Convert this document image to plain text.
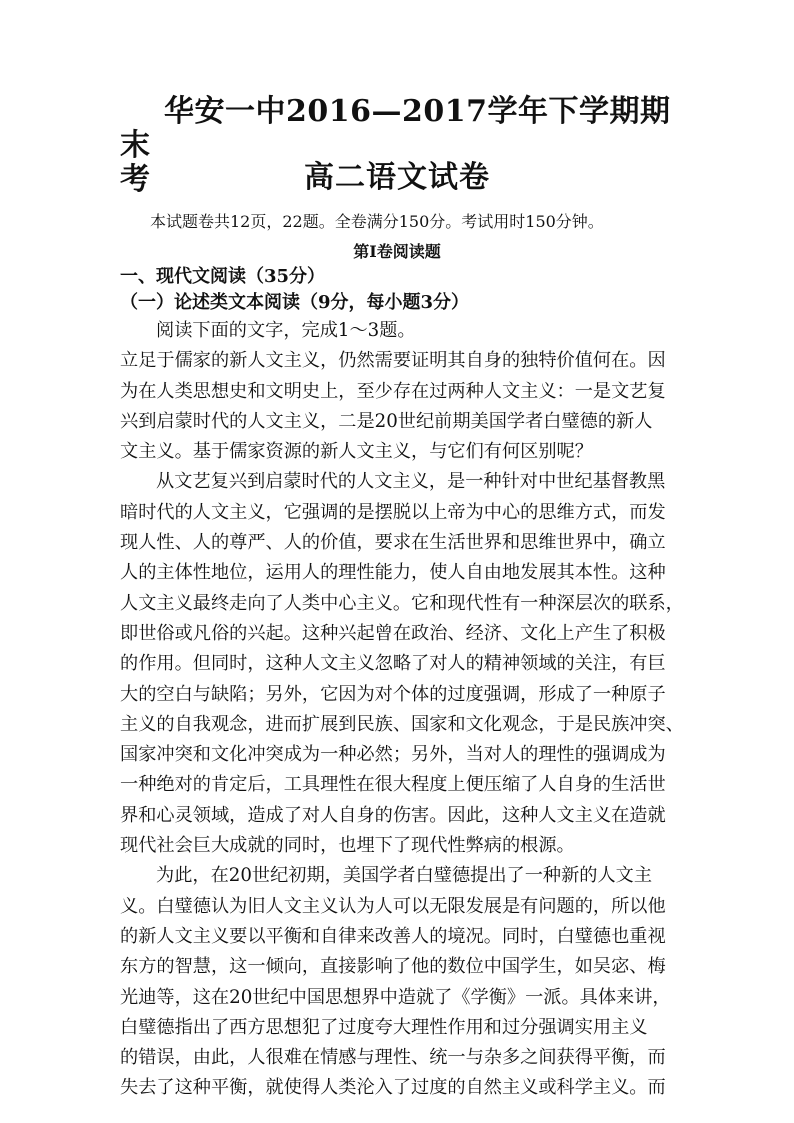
华安一中2016—2017学年下学期期末
考	高二语文试卷
本试题卷共12页，22题。全卷满分150分。考试用时150分钟。
第Ⅰ卷阅读题
一、现代文阅读（35分）
（一）论述类文本阅读（9分，每小题3分）
阅读下面的文字，完成1～3题。
立足于儒家的新人文主义，仍然需要证明其自身的独特价值何在。因
为在人类思想史和文明史上，至少存在过两种人文主义：一是文艺复
兴到启蒙时代的人文主义，二是20世纪前期美国学者白璧德的新人
文主义。基于儒家资源的新人文主义，与它们有何区别呢？
从文艺复兴到启蒙时代的人文主义，是一种针对中世纪基督教黑
暗时代的人文主义，它强调的是摆脱以上帝为中心的思维方式，而发
现人性、人的尊严、人的价值，要求在生活世界和思维世界中，确立
人的主体性地位，运用人的理性能力，使人自由地发展其本性。这种
人文主义最终走向了人类中心主义。它和现代性有一种深层次的联系，
即世俗或凡俗的兴起。这种兴起曾在政治、经济、文化上产生了积极
的作用。但同时，这种人文主义忽略了对人的精神领域的关注，有巨
大的空白与缺陷；另外，它因为对个体的过度强调，形成了一种原子
主义的自我观念，进而扩展到民族、国家和文化观念，于是民族冲突、
国家冲突和文化冲突成为一种必然；另外，当对人的理性的强调成为
一种绝对的肯定后，工具理性在很大程度上便压缩了人自身的生活世
界和心灵领域，造成了对人自身的伤害。因此，这种人文主义在造就
现代社会巨大成就的同时，也埋下了现代性弊病的根源。
为此，在20世纪初期，美国学者白璧德提出了一种新的人文主
义。白璧德认为旧人文主义认为人可以无限发展是有问题的，所以他
的新人文主义要以平衡和自律来改善人的境况。同时，白璧德也重视
东方的智慧，这一倾向，直接影响了他的数位中国学生，如吴宓、梅
光迪等，这在20世纪中国思想界中造就了《学衡》一派。具体来讲，
白璧德指出了西方思想犯了过度夸大理性作用和过分强调实用主义
的错误，由此，人很难在情感与理性、统一与杂多之间获得平衡，而
失去了这种平衡，就使得人类沦入了过度的自然主义或科学主义。而
